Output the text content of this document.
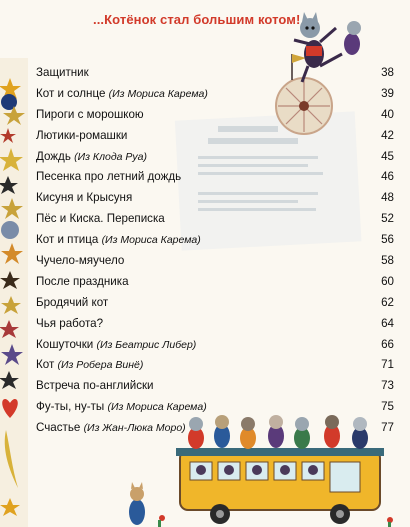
...Котёнок стал большим котом!
Защитник	38
Кот и солнце (Из Мориса Карема)	39
Пироги с морошкою	40
Лютики-ромашки	42
Дождь (Из Клода Руа)	45
Песенка про летний дождь	46
Кисуня и Крысуня	48
Пёс и Киска. Переписка	52
Кот и птица (Из Мориса Карема)	56
Чучело-мяучело	58
После праздника	60
Бродячий кот	62
Чья работа?	64
Кошуточки (Из Беатрис Либер)	66
Кот (Из Робера Винё)	71
Встреча по-английски	73
Фу-ты, ну-ты (Из Мориса Карема)	75
Счастье (Из Жан-Люка Моро)	77
